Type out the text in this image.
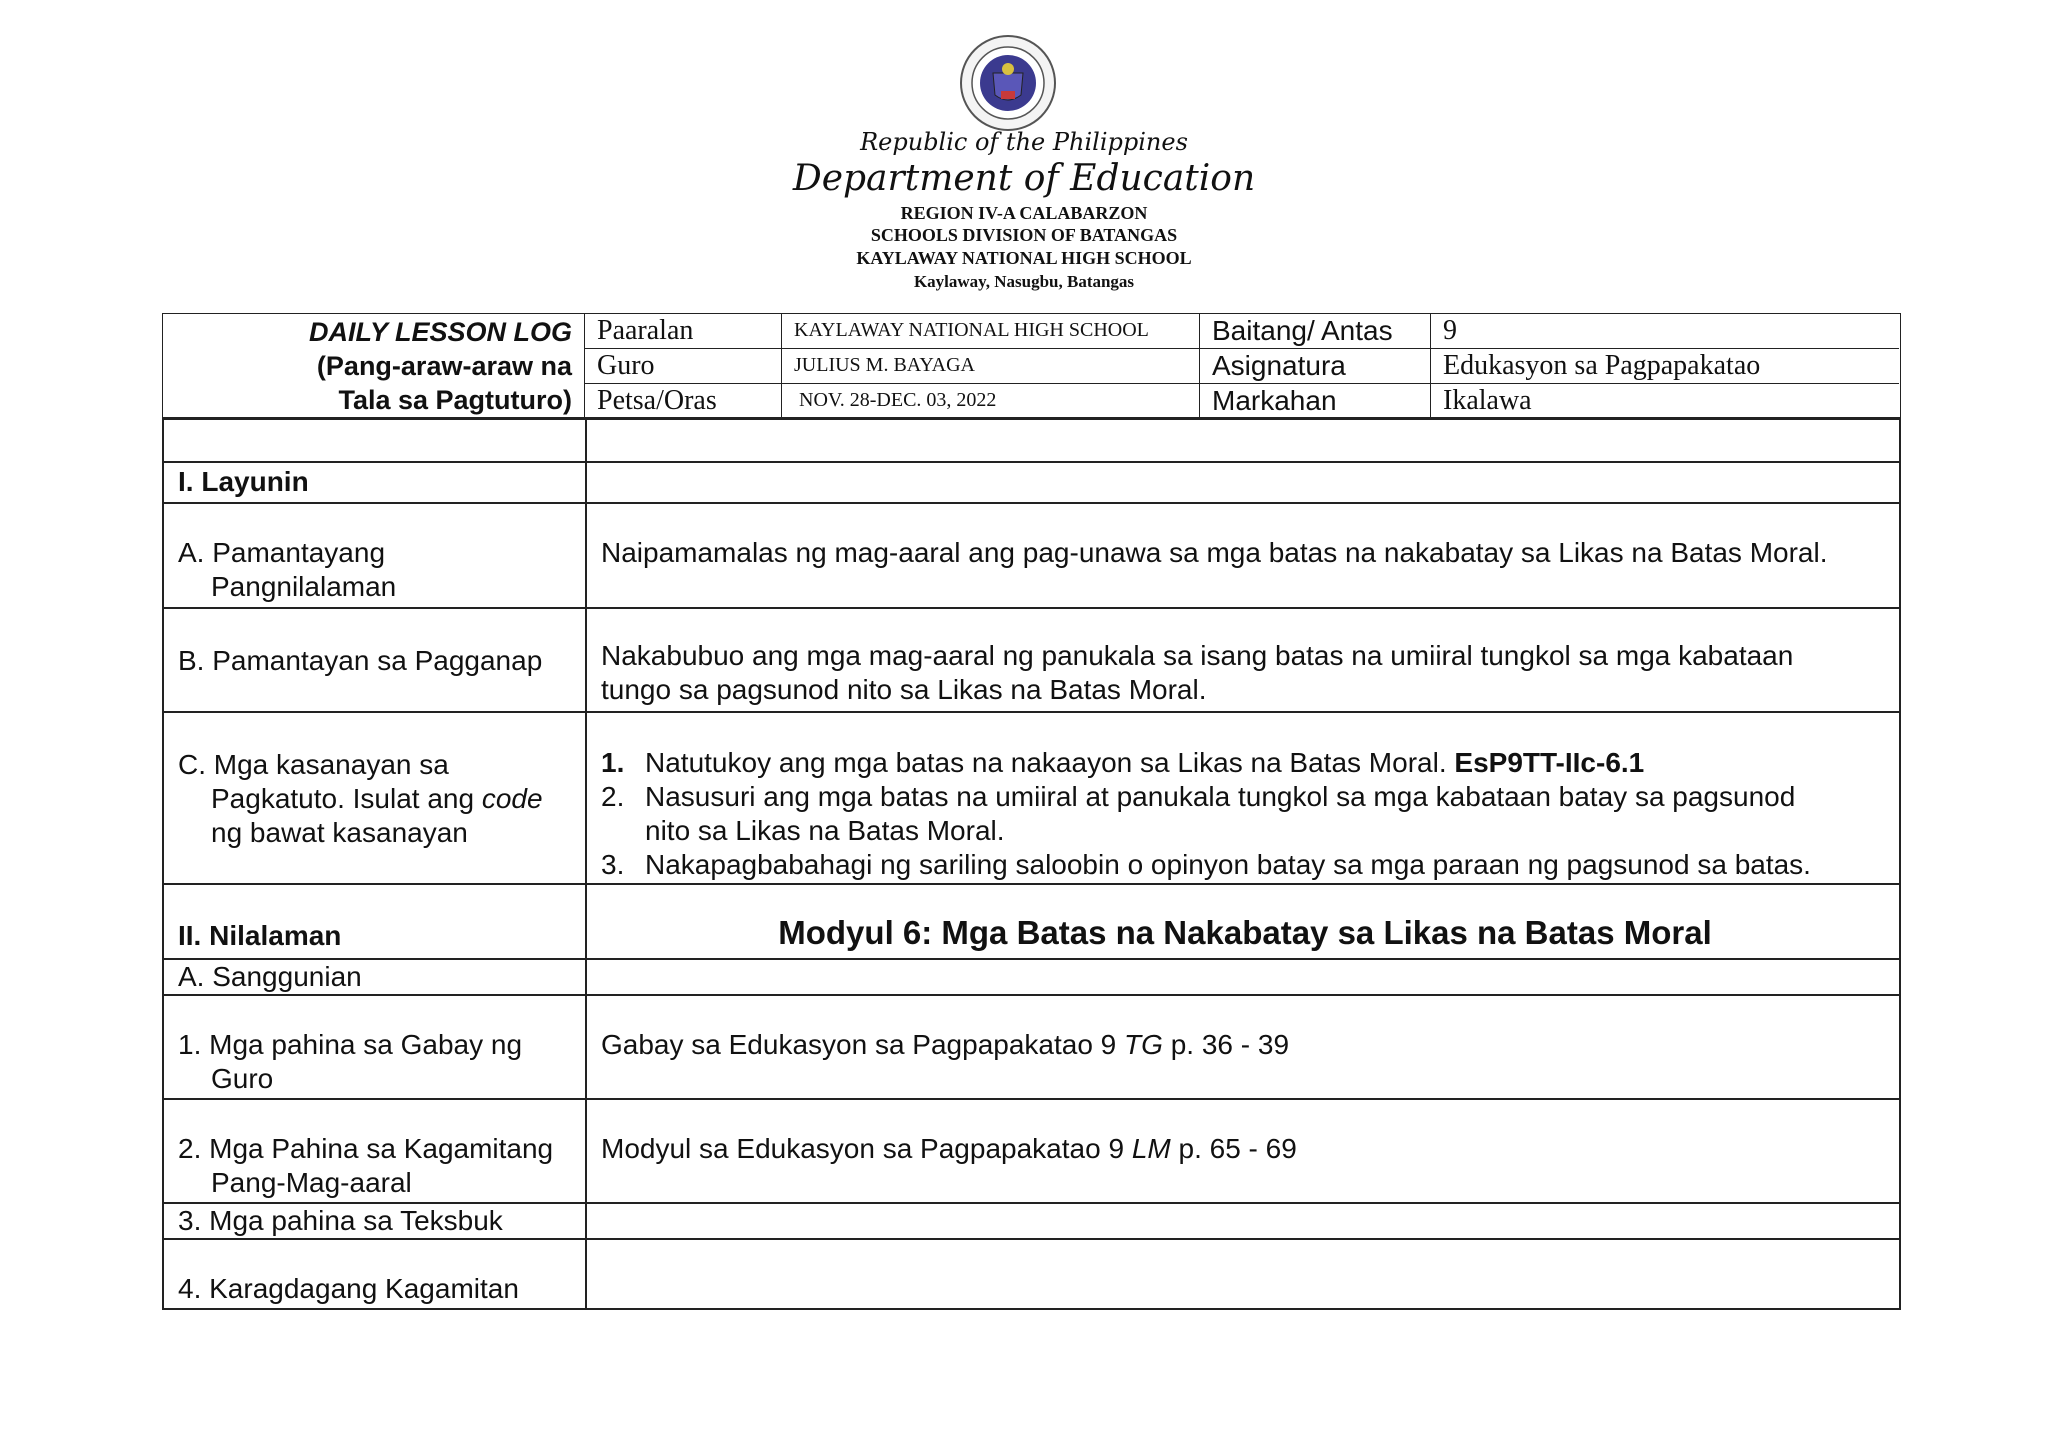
Republic of the Philippines
Department of Education
REGION IV-A CALABARZON
SCHOOLS DIVISION OF BATANGAS
KAYLAWAY NATIONAL HIGH SCHOOL
Kaylaway, Nasugbu, Batangas
DAILY LESSON LOG
(Pang-araw-araw na
Tala sa Pagtuturo)
Paaralan
Guro
Petsa/Oras
KAYLAWAY NATIONAL HIGH SCHOOL
JULIUS M. BAYAGA
NOV. 28-DEC. 03, 2022
Baitang/ Antas
Asignatura
Markahan
9
Edukasyon sa Pagpapakatao
Ikalawa
I. Layunin
A. Pamantayang
Pangnilalaman
Naipamamalas ng mag-aaral ang pag-unawa sa mga batas na nakabatay sa Likas na Batas Moral.
B. Pamantayan sa Pagganap Nakabubuo ang mga mag-aaral ng panukala sa isang batas na umiiral tungkol sa mga kabataan
tungo sa pagsunod nito sa Likas na Batas Moral.
C. Mga kasanayan sa
Pagkatuto. Isulat ang code
ng bawat kasanayan
1. Natutukoy ang mga batas na nakaayon sa Likas na Batas Moral. EsP9TT-IIc-6.1
2. Nasusuri ang mga batas na umiiral at panukala tungkol sa mga kabataan batay sa pagsunod
nito sa Likas na Batas Moral.
3. Nakapagbabahagi ng sariling saloobin o opinyon batay sa mga paraan ng pagsunod sa batas.
II. Nilalaman	Modyul 6: Mga Batas na Nakabatay sa Likas na Batas Moral
A. Sanggunian
1. Mga pahina sa Gabay ng
Guro
Gabay sa Edukasyon sa Pagpapakatao 9 TG p. 36 - 39
2. Mga Pahina sa Kagamitang
Pang-Mag-aaral
Modyul sa Edukasyon sa Pagpapakatao 9 LM p. 65 - 69
3. Mga pahina sa Teksbuk
4. Karagdagang Kagamitan
